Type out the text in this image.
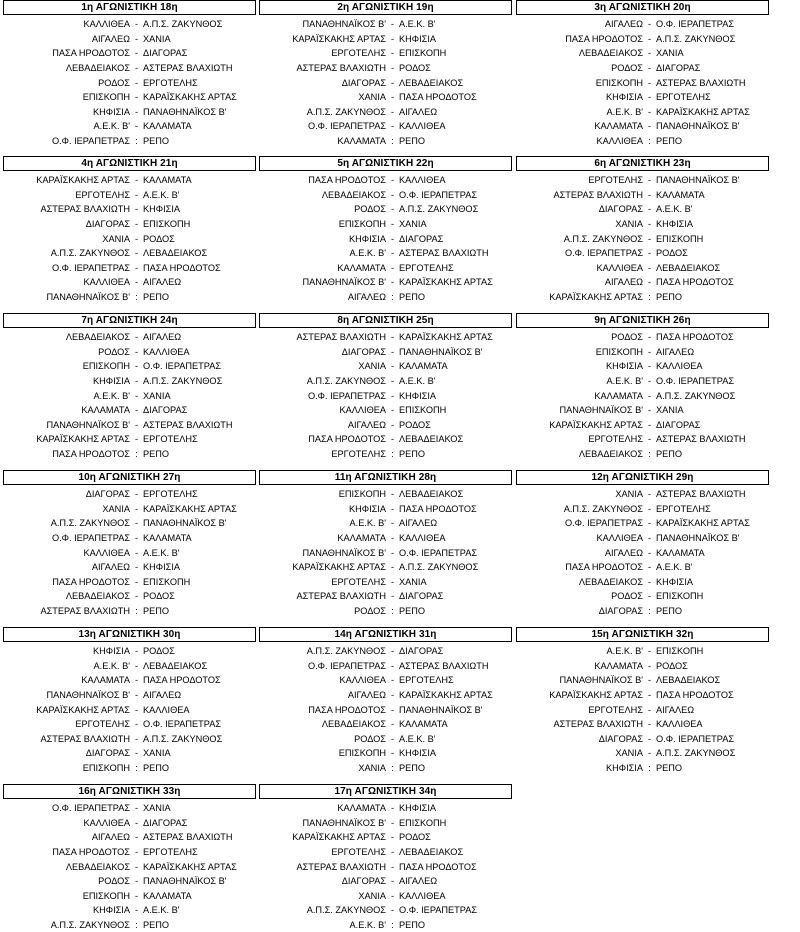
1η ΑΓΩΝΙΣΤΙΚΗ 18η
ΚΑΛΛΙΘΕΑ - Α.Π.Σ. ΖΑΚΥΝΘΟΣ
ΑΙΓΑΛΕΩ - ΧΑΝΙΑ
ΠΑΣΑ ΗΡΟΔΟΤΟΣ - ΔΙΑΓΟΡΑΣ
ΛΕΒΑΔΕΙΑΚΟΣ - ΑΣΤΕΡΑΣ ΒΛΑΧΙΩΤΗ
ΡΟΔΟΣ - ΕΡΓΟΤΕΛΗΣ
ΕΠΙΣΚΟΠΗ - ΚΑΡΑΪΣΚΑΚΗΣ ΑΡΤΑΣ
ΚΗΦΙΣΙΑ - ΠΑΝΑΘΗΝΑΪΚΟΣ Β'
Α.Ε.Κ. Β' - ΚΑΛΑΜΑΤΑ
Ο.Φ. ΙΕΡΑΠΕΤΡΑΣ : ΡΕΠΟ
2η ΑΓΩΝΙΣΤΙΚΗ 19η
ΠΑΝΑΘΗΝΑΪΚΟΣ Β' - Α.Ε.Κ. Β'
ΚΑΡΑΪΣΚΑΚΗΣ ΑΡΤΑΣ - ΚΗΦΙΣΙΑ
ΕΡΓΟΤΕΛΗΣ - ΕΠΙΣΚΟΠΗ
ΑΣΤΕΡΑΣ ΒΛΑΧΙΩΤΗ - ΡΟΔΟΣ
ΔΙΑΓΟΡΑΣ - ΛΕΒΑΔΕΙΑΚΟΣ
ΧΑΝΙΑ - ΠΑΣΑ ΗΡΟΔΟΤΟΣ
Α.Π.Σ. ΖΑΚΥΝΘΟΣ - ΑΙΓΑΛΕΩ
Ο.Φ. ΙΕΡΑΠΕΤΡΑΣ - ΚΑΛΛΙΘΕΑ
ΚΑΛΑΜΑΤΑ : ΡΕΠΟ
3η ΑΓΩΝΙΣΤΙΚΗ 20η
ΑΙΓΑΛΕΩ - Ο.Φ. ΙΕΡΑΠΕΤΡΑΣ
ΠΑΣΑ ΗΡΟΔΟΤΟΣ - Α.Π.Σ. ΖΑΚΥΝΘΟΣ
ΛΕΒΑΔΕΙΑΚΟΣ - ΧΑΝΙΑ
ΡΟΔΟΣ - ΔΙΑΓΟΡΑΣ
ΕΠΙΣΚΟΠΗ - ΑΣΤΕΡΑΣ ΒΛΑΧΙΩΤΗ
ΚΗΦΙΣΙΑ - ΕΡΓΟΤΕΛΗΣ
Α.Ε.Κ. Β' - ΚΑΡΑΪΣΚΑΚΗΣ ΑΡΤΑΣ
ΚΑΛΑΜΑΤΑ - ΠΑΝΑΘΗΝΑΪΚΟΣ Β'
ΚΑΛΛΙΘΕΑ : ΡΕΠΟ
4η ΑΓΩΝΙΣΤΙΚΗ 21η
ΚΑΡΑΪΣΚΑΚΗΣ ΑΡΤΑΣ - ΚΑΛΑΜΑΤΑ
ΕΡΓΟΤΕΛΗΣ - Α.Ε.Κ. Β'
ΑΣΤΕΡΑΣ ΒΛΑΧΙΩΤΗ - ΚΗΦΙΣΙΑ
ΔΙΑΓΟΡΑΣ - ΕΠΙΣΚΟΠΗ
ΧΑΝΙΑ - ΡΟΔΟΣ
Α.Π.Σ. ΖΑΚΥΝΘΟΣ - ΛΕΒΑΔΕΙΑΚΟΣ
Ο.Φ. ΙΕΡΑΠΕΤΡΑΣ - ΠΑΣΑ ΗΡΟΔΟΤΟΣ
ΚΑΛΛΙΘΕΑ - ΑΙΓΑΛΕΩ
ΠΑΝΑΘΗΝΑΪΚΟΣ Β' : ΡΕΠΟ
5η ΑΓΩΝΙΣΤΙΚΗ 22η
ΠΑΣΑ ΗΡΟΔΟΤΟΣ - ΚΑΛΛΙΘΕΑ
ΛΕΒΑΔΕΙΑΚΟΣ - Ο.Φ. ΙΕΡΑΠΕΤΡΑΣ
ΡΟΔΟΣ - Α.Π.Σ. ΖΑΚΥΝΘΟΣ
ΕΠΙΣΚΟΠΗ - ΧΑΝΙΑ
ΚΗΦΙΣΙΑ - ΔΙΑΓΟΡΑΣ
Α.Ε.Κ. Β' - ΑΣΤΕΡΑΣ ΒΛΑΧΙΩΤΗ
ΚΑΛΑΜΑΤΑ - ΕΡΓΟΤΕΛΗΣ
ΠΑΝΑΘΗΝΑΪΚΟΣ Β' - ΚΑΡΑΪΣΚΑΚΗΣ ΑΡΤΑΣ
ΑΙΓΑΛΕΩ : ΡΕΠΟ
6η ΑΓΩΝΙΣΤΙΚΗ 23η
ΕΡΓΟΤΕΛΗΣ - ΠΑΝΑΘΗΝΑΪΚΟΣ Β'
ΑΣΤΕΡΑΣ ΒΛΑΧΙΩΤΗ - ΚΑΛΑΜΑΤΑ
ΔΙΑΓΟΡΑΣ - Α.Ε.Κ. Β'
ΧΑΝΙΑ - ΚΗΦΙΣΙΑ
Α.Π.Σ. ΖΑΚΥΝΘΟΣ - ΕΠΙΣΚΟΠΗ
Ο.Φ. ΙΕΡΑΠΕΤΡΑΣ - ΡΟΔΟΣ
ΚΑΛΛΙΘΕΑ - ΛΕΒΑΔΕΙΑΚΟΣ
ΑΙΓΑΛΕΩ - ΠΑΣΑ ΗΡΟΔΟΤΟΣ
ΚΑΡΑΪΣΚΑΚΗΣ ΑΡΤΑΣ : ΡΕΠΟ
7η ΑΓΩΝΙΣΤΙΚΗ 24η
ΛΕΒΑΔΕΙΑΚΟΣ - ΑΙΓΑΛΕΩ
ΡΟΔΟΣ - ΚΑΛΛΙΘΕΑ
ΕΠΙΣΚΟΠΗ - Ο.Φ. ΙΕΡΑΠΕΤΡΑΣ
ΚΗΦΙΣΙΑ - Α.Π.Σ. ΖΑΚΥΝΘΟΣ
Α.Ε.Κ. Β' - ΧΑΝΙΑ
ΚΑΛΑΜΑΤΑ - ΔΙΑΓΟΡΑΣ
ΠΑΝΑΘΗΝΑΪΚΟΣ Β' - ΑΣΤΕΡΑΣ ΒΛΑΧΙΩΤΗ
ΚΑΡΑΪΣΚΑΚΗΣ ΑΡΤΑΣ - ΕΡΓΟΤΕΛΗΣ
ΠΑΣΑ ΗΡΟΔΟΤΟΣ : ΡΕΠΟ
8η ΑΓΩΝΙΣΤΙΚΗ 25η
ΑΣΤΕΡΑΣ ΒΛΑΧΙΩΤΗ - ΚΑΡΑΪΣΚΑΚΗΣ ΑΡΤΑΣ
ΔΙΑΓΟΡΑΣ - ΠΑΝΑΘΗΝΑΪΚΟΣ Β'
ΧΑΝΙΑ - ΚΑΛΑΜΑΤΑ
Α.Π.Σ. ΖΑΚΥΝΘΟΣ - Α.Ε.Κ. Β'
Ο.Φ. ΙΕΡΑΠΕΤΡΑΣ - ΚΗΦΙΣΙΑ
ΚΑΛΛΙΘΕΑ - ΕΠΙΣΚΟΠΗ
ΑΙΓΑΛΕΩ - ΡΟΔΟΣ
ΠΑΣΑ ΗΡΟΔΟΤΟΣ - ΛΕΒΑΔΕΙΑΚΟΣ
ΕΡΓΟΤΕΛΗΣ : ΡΕΠΟ
9η ΑΓΩΝΙΣΤΙΚΗ 26η
ΡΟΔΟΣ - ΠΑΣΑ ΗΡΟΔΟΤΟΣ
ΕΠΙΣΚΟΠΗ - ΑΙΓΑΛΕΩ
ΚΗΦΙΣΙΑ - ΚΑΛΛΙΘΕΑ
Α.Ε.Κ. Β' - Ο.Φ. ΙΕΡΑΠΕΤΡΑΣ
ΚΑΛΑΜΑΤΑ - Α.Π.Σ. ΖΑΚΥΝΘΟΣ
ΠΑΝΑΘΗΝΑΪΚΟΣ Β' - ΧΑΝΙΑ
ΚΑΡΑΪΣΚΑΚΗΣ ΑΡΤΑΣ - ΔΙΑΓΟΡΑΣ
ΕΡΓΟΤΕΛΗΣ - ΑΣΤΕΡΑΣ ΒΛΑΧΙΩΤΗ
ΛΕΒΑΔΕΙΑΚΟΣ : ΡΕΠΟ
10η ΑΓΩΝΙΣΤΙΚΗ 27η
ΔΙΑΓΟΡΑΣ - ΕΡΓΟΤΕΛΗΣ
ΧΑΝΙΑ - ΚΑΡΑΪΣΚΑΚΗΣ ΑΡΤΑΣ
Α.Π.Σ. ΖΑΚΥΝΘΟΣ - ΠΑΝΑΘΗΝΑΪΚΟΣ Β'
Ο.Φ. ΙΕΡΑΠΕΤΡΑΣ - ΚΑΛΑΜΑΤΑ
ΚΑΛΛΙΘΕΑ - Α.Ε.Κ. Β'
ΑΙΓΑΛΕΩ - ΚΗΦΙΣΙΑ
ΠΑΣΑ ΗΡΟΔΟΤΟΣ - ΕΠΙΣΚΟΠΗ
ΛΕΒΑΔΕΙΑΚΟΣ - ΡΟΔΟΣ
ΑΣΤΕΡΑΣ ΒΛΑΧΙΩΤΗ : ΡΕΠΟ
11η ΑΓΩΝΙΣΤΙΚΗ 28η
ΕΠΙΣΚΟΠΗ - ΛΕΒΑΔΕΙΑΚΟΣ
ΚΗΦΙΣΙΑ - ΠΑΣΑ ΗΡΟΔΟΤΟΣ
Α.Ε.Κ. Β' - ΑΙΓΑΛΕΩ
ΚΑΛΑΜΑΤΑ - ΚΑΛΛΙΘΕΑ
ΠΑΝΑΘΗΝΑΪΚΟΣ Β' - Ο.Φ. ΙΕΡΑΠΕΤΡΑΣ
ΚΑΡΑΪΣΚΑΚΗΣ ΑΡΤΑΣ - Α.Π.Σ. ΖΑΚΥΝΘΟΣ
ΕΡΓΟΤΕΛΗΣ - ΧΑΝΙΑ
ΑΣΤΕΡΑΣ ΒΛΑΧΙΩΤΗ - ΔΙΑΓΟΡΑΣ
ΡΟΔΟΣ : ΡΕΠΟ
12η ΑΓΩΝΙΣΤΙΚΗ 29η
ΧΑΝΙΑ - ΑΣΤΕΡΑΣ ΒΛΑΧΙΩΤΗ
Α.Π.Σ. ΖΑΚΥΝΘΟΣ - ΕΡΓΟΤΕΛΗΣ
Ο.Φ. ΙΕΡΑΠΕΤΡΑΣ - ΚΑΡΑΪΣΚΑΚΗΣ ΑΡΤΑΣ
ΚΑΛΛΙΘΕΑ - ΠΑΝΑΘΗΝΑΪΚΟΣ Β'
ΑΙΓΑΛΕΩ - ΚΑΛΑΜΑΤΑ
ΠΑΣΑ ΗΡΟΔΟΤΟΣ - Α.Ε.Κ. Β'
ΛΕΒΑΔΕΙΑΚΟΣ - ΚΗΦΙΣΙΑ
ΡΟΔΟΣ - ΕΠΙΣΚΟΠΗ
ΔΙΑΓΟΡΑΣ : ΡΕΠΟ
13η ΑΓΩΝΙΣΤΙΚΗ 30η
ΚΗΦΙΣΙΑ - ΡΟΔΟΣ
Α.Ε.Κ. Β' - ΛΕΒΑΔΕΙΑΚΟΣ
ΚΑΛΑΜΑΤΑ - ΠΑΣΑ ΗΡΟΔΟΤΟΣ
ΠΑΝΑΘΗΝΑΪΚΟΣ Β' - ΑΙΓΑΛΕΩ
ΚΑΡΑΪΣΚΑΚΗΣ ΑΡΤΑΣ - ΚΑΛΛΙΘΕΑ
ΕΡΓΟΤΕΛΗΣ - Ο.Φ. ΙΕΡΑΠΕΤΡΑΣ
ΑΣΤΕΡΑΣ ΒΛΑΧΙΩΤΗ - Α.Π.Σ. ΖΑΚΥΝΘΟΣ
ΔΙΑΓΟΡΑΣ - ΧΑΝΙΑ
ΕΠΙΣΚΟΠΗ : ΡΕΠΟ
14η ΑΓΩΝΙΣΤΙΚΗ 31η
Α.Π.Σ. ΖΑΚΥΝΘΟΣ - ΔΙΑΓΟΡΑΣ
Ο.Φ. ΙΕΡΑΠΕΤΡΑΣ - ΑΣΤΕΡΑΣ ΒΛΑΧΙΩΤΗ
ΚΑΛΛΙΘΕΑ - ΕΡΓΟΤΕΛΗΣ
ΑΙΓΑΛΕΩ - ΚΑΡΑΪΣΚΑΚΗΣ ΑΡΤΑΣ
ΠΑΣΑ ΗΡΟΔΟΤΟΣ - ΠΑΝΑΘΗΝΑΪΚΟΣ Β'
ΛΕΒΑΔΕΙΑΚΟΣ - ΚΑΛΑΜΑΤΑ
ΡΟΔΟΣ - Α.Ε.Κ. Β'
ΕΠΙΣΚΟΠΗ - ΚΗΦΙΣΙΑ
ΧΑΝΙΑ : ΡΕΠΟ
15η ΑΓΩΝΙΣΤΙΚΗ 32η
Α.Ε.Κ. Β' - ΕΠΙΣΚΟΠΗ
ΚΑΛΑΜΑΤΑ - ΡΟΔΟΣ
ΠΑΝΑΘΗΝΑΪΚΟΣ Β' - ΛΕΒΑΔΕΙΑΚΟΣ
ΚΑΡΑΪΣΚΑΚΗΣ ΑΡΤΑΣ - ΠΑΣΑ ΗΡΟΔΟΤΟΣ
ΕΡΓΟΤΕΛΗΣ - ΑΙΓΑΛΕΩ
ΑΣΤΕΡΑΣ ΒΛΑΧΙΩΤΗ - ΚΑΛΛΙΘΕΑ
ΔΙΑΓΟΡΑΣ - Ο.Φ. ΙΕΡΑΠΕΤΡΑΣ
ΧΑΝΙΑ - Α.Π.Σ. ΖΑΚΥΝΘΟΣ
ΚΗΦΙΣΙΑ : ΡΕΠΟ
16η ΑΓΩΝΙΣΤΙΚΗ 33η
Ο.Φ. ΙΕΡΑΠΕΤΡΑΣ - ΧΑΝΙΑ
ΚΑΛΛΙΘΕΑ - ΔΙΑΓΟΡΑΣ
ΑΙΓΑΛΕΩ - ΑΣΤΕΡΑΣ ΒΛΑΧΙΩΤΗ
ΠΑΣΑ ΗΡΟΔΟΤΟΣ - ΕΡΓΟΤΕΛΗΣ
ΛΕΒΑΔΕΙΑΚΟΣ - ΚΑΡΑΪΣΚΑΚΗΣ ΑΡΤΑΣ
ΡΟΔΟΣ - ΠΑΝΑΘΗΝΑΪΚΟΣ Β'
ΕΠΙΣΚΟΠΗ - ΚΑΛΑΜΑΤΑ
ΚΗΦΙΣΙΑ - Α.Ε.Κ. Β'
Α.Π.Σ. ΖΑΚΥΝΘΟΣ : ΡΕΠΟ
17η ΑΓΩΝΙΣΤΙΚΗ 34η
ΚΑΛΑΜΑΤΑ - ΚΗΦΙΣΙΑ
ΠΑΝΑΘΗΝΑΪΚΟΣ Β' - ΕΠΙΣΚΟΠΗ
ΚΑΡΑΪΣΚΑΚΗΣ ΑΡΤΑΣ - ΡΟΔΟΣ
ΕΡΓΟΤΕΛΗΣ - ΛΕΒΑΔΕΙΑΚΟΣ
ΑΣΤΕΡΑΣ ΒΛΑΧΙΩΤΗ - ΠΑΣΑ ΗΡΟΔΟΤΟΣ
ΔΙΑΓΟΡΑΣ - ΑΙΓΑΛΕΩ
ΧΑΝΙΑ - ΚΑΛΛΙΘΕΑ
Α.Π.Σ. ΖΑΚΥΝΘΟΣ - Ο.Φ. ΙΕΡΑΠΕΤΡΑΣ
Α.Ε.Κ. Β' : ΡΕΠΟ
